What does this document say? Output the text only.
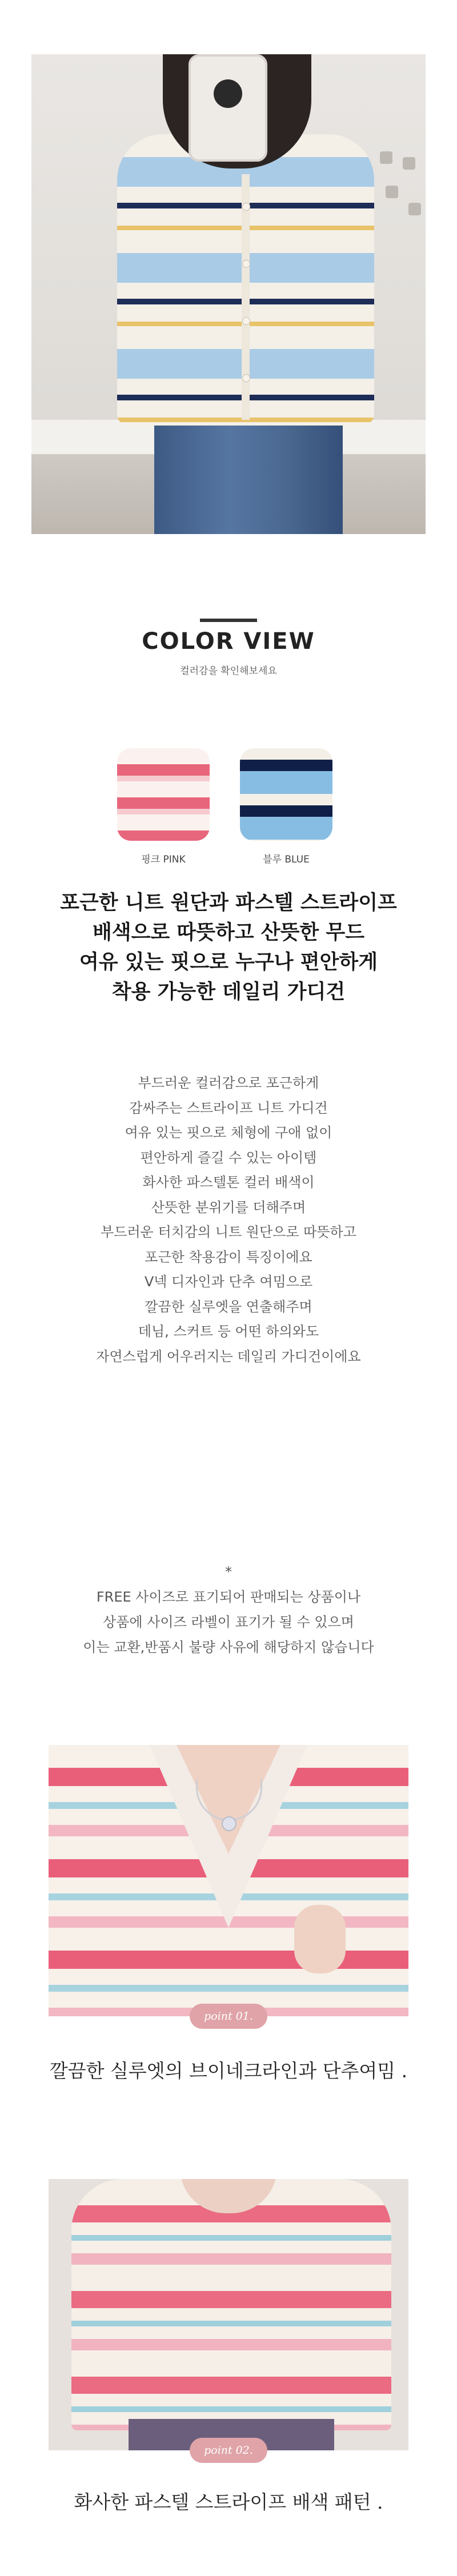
COLOR VIEW
컬러감을 확인해보세요
핑크 PINK	블루 BLUE
포근한 니트 원단과 파스텔 스트라이프
배색으로 따뜻하고 산뜻한 무드
여유 있는 핏으로 누구나 편안하게
착용 가능한 데일리 가디건
부드러운 컬러감으로 포근하게
감싸주는 스트라이프 니트 가디건
여유 있는 핏으로 체형에 구애 없이
편안하게 즐길 수 있는 아이템
화사한 파스텔톤 컬러 배색이
산뜻한 분위기를 더해주며
부드러운 터치감의 니트 원단으로 따뜻하고
포근한 착용감이 특징이에요
V넥 디자인과 단추 여밈으로
깔끔한 실루엣을 연출해주며
데님, 스커트 등 어떤 하의와도
자연스럽게 어우러지는 데일리 가디건이에요
*
FREE 사이즈로 표기되어 판매되는 상품이나
상품에 사이즈 라벨이 표기가 될 수 있으며
이는 교환,반품시 불량 사유에 해당하지 않습니다
point 01.
깔끔한 실루엣의 브이네크라인과 단추여밈 .
point 02.
화사한 파스텔 스트라이프 배색 패턴 .
